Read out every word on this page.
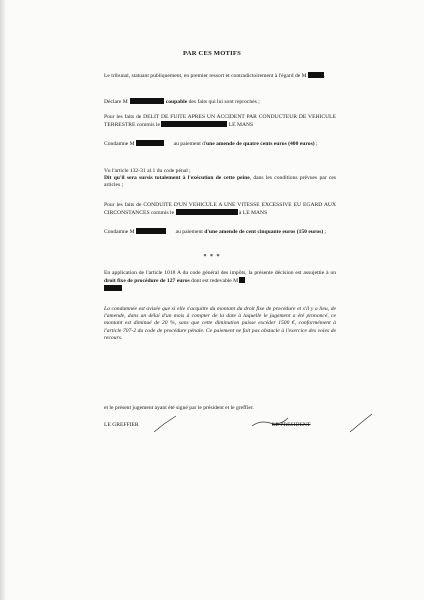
PAR CES MOTIFS
Le tribunal, statuant publiquement, en premier ressort et contradictoirement à l'égard de M	.
Déclare M	coupable des faits qui lui sont reprochés ;
Pour les faits de DELIT DE FUITE APRES UN ACCIDENT PAR CONDUCTEUR DE VEHICULE TERRESTRE commis le	LE MANS
Condamne M	au paiement d'une amende de quatre cents euros (400 euros) ;
Vu l'article 132-31 al.1 du code pénal ;
Dit qu'il sera sursis totalement à l'exécution de cette peine, dans les conditions prévues par ces articles ;
Pour les faits de CONDUITE D'UN VEHICULE A UNE VITESSE EXCESSIVE EU EGARD AUX CIRCONSTANCES commis le	à LE MANS
Condamne M	au paiement d'une amende de cent cinquante euros (150 euros) ;
* * *
En application de l'article 1018 A du code général des impôts, la présente décision est assujettie à un droit fixe de procédure de 127 euros dont est redevable M

La condamnée est avisée que si elle s'acquitte du montant du droit fixe de procédure et s'il y a lieu, de l'amende, dans un délai d'un mois à compter de la date à laquelle le jugement a été prononcé, ce montant est diminué de 20 %, sans que cette diminution puisse excéder 1500 €, conformément à l'article 707-2 du code de procédure pénale. Ce paiement ne fait pas obstacle à l'exercice des voies de recours.
et le présent jugement ayant été signé par le président et le greffier.
LE GREFFIER	LE PRESIDENT
